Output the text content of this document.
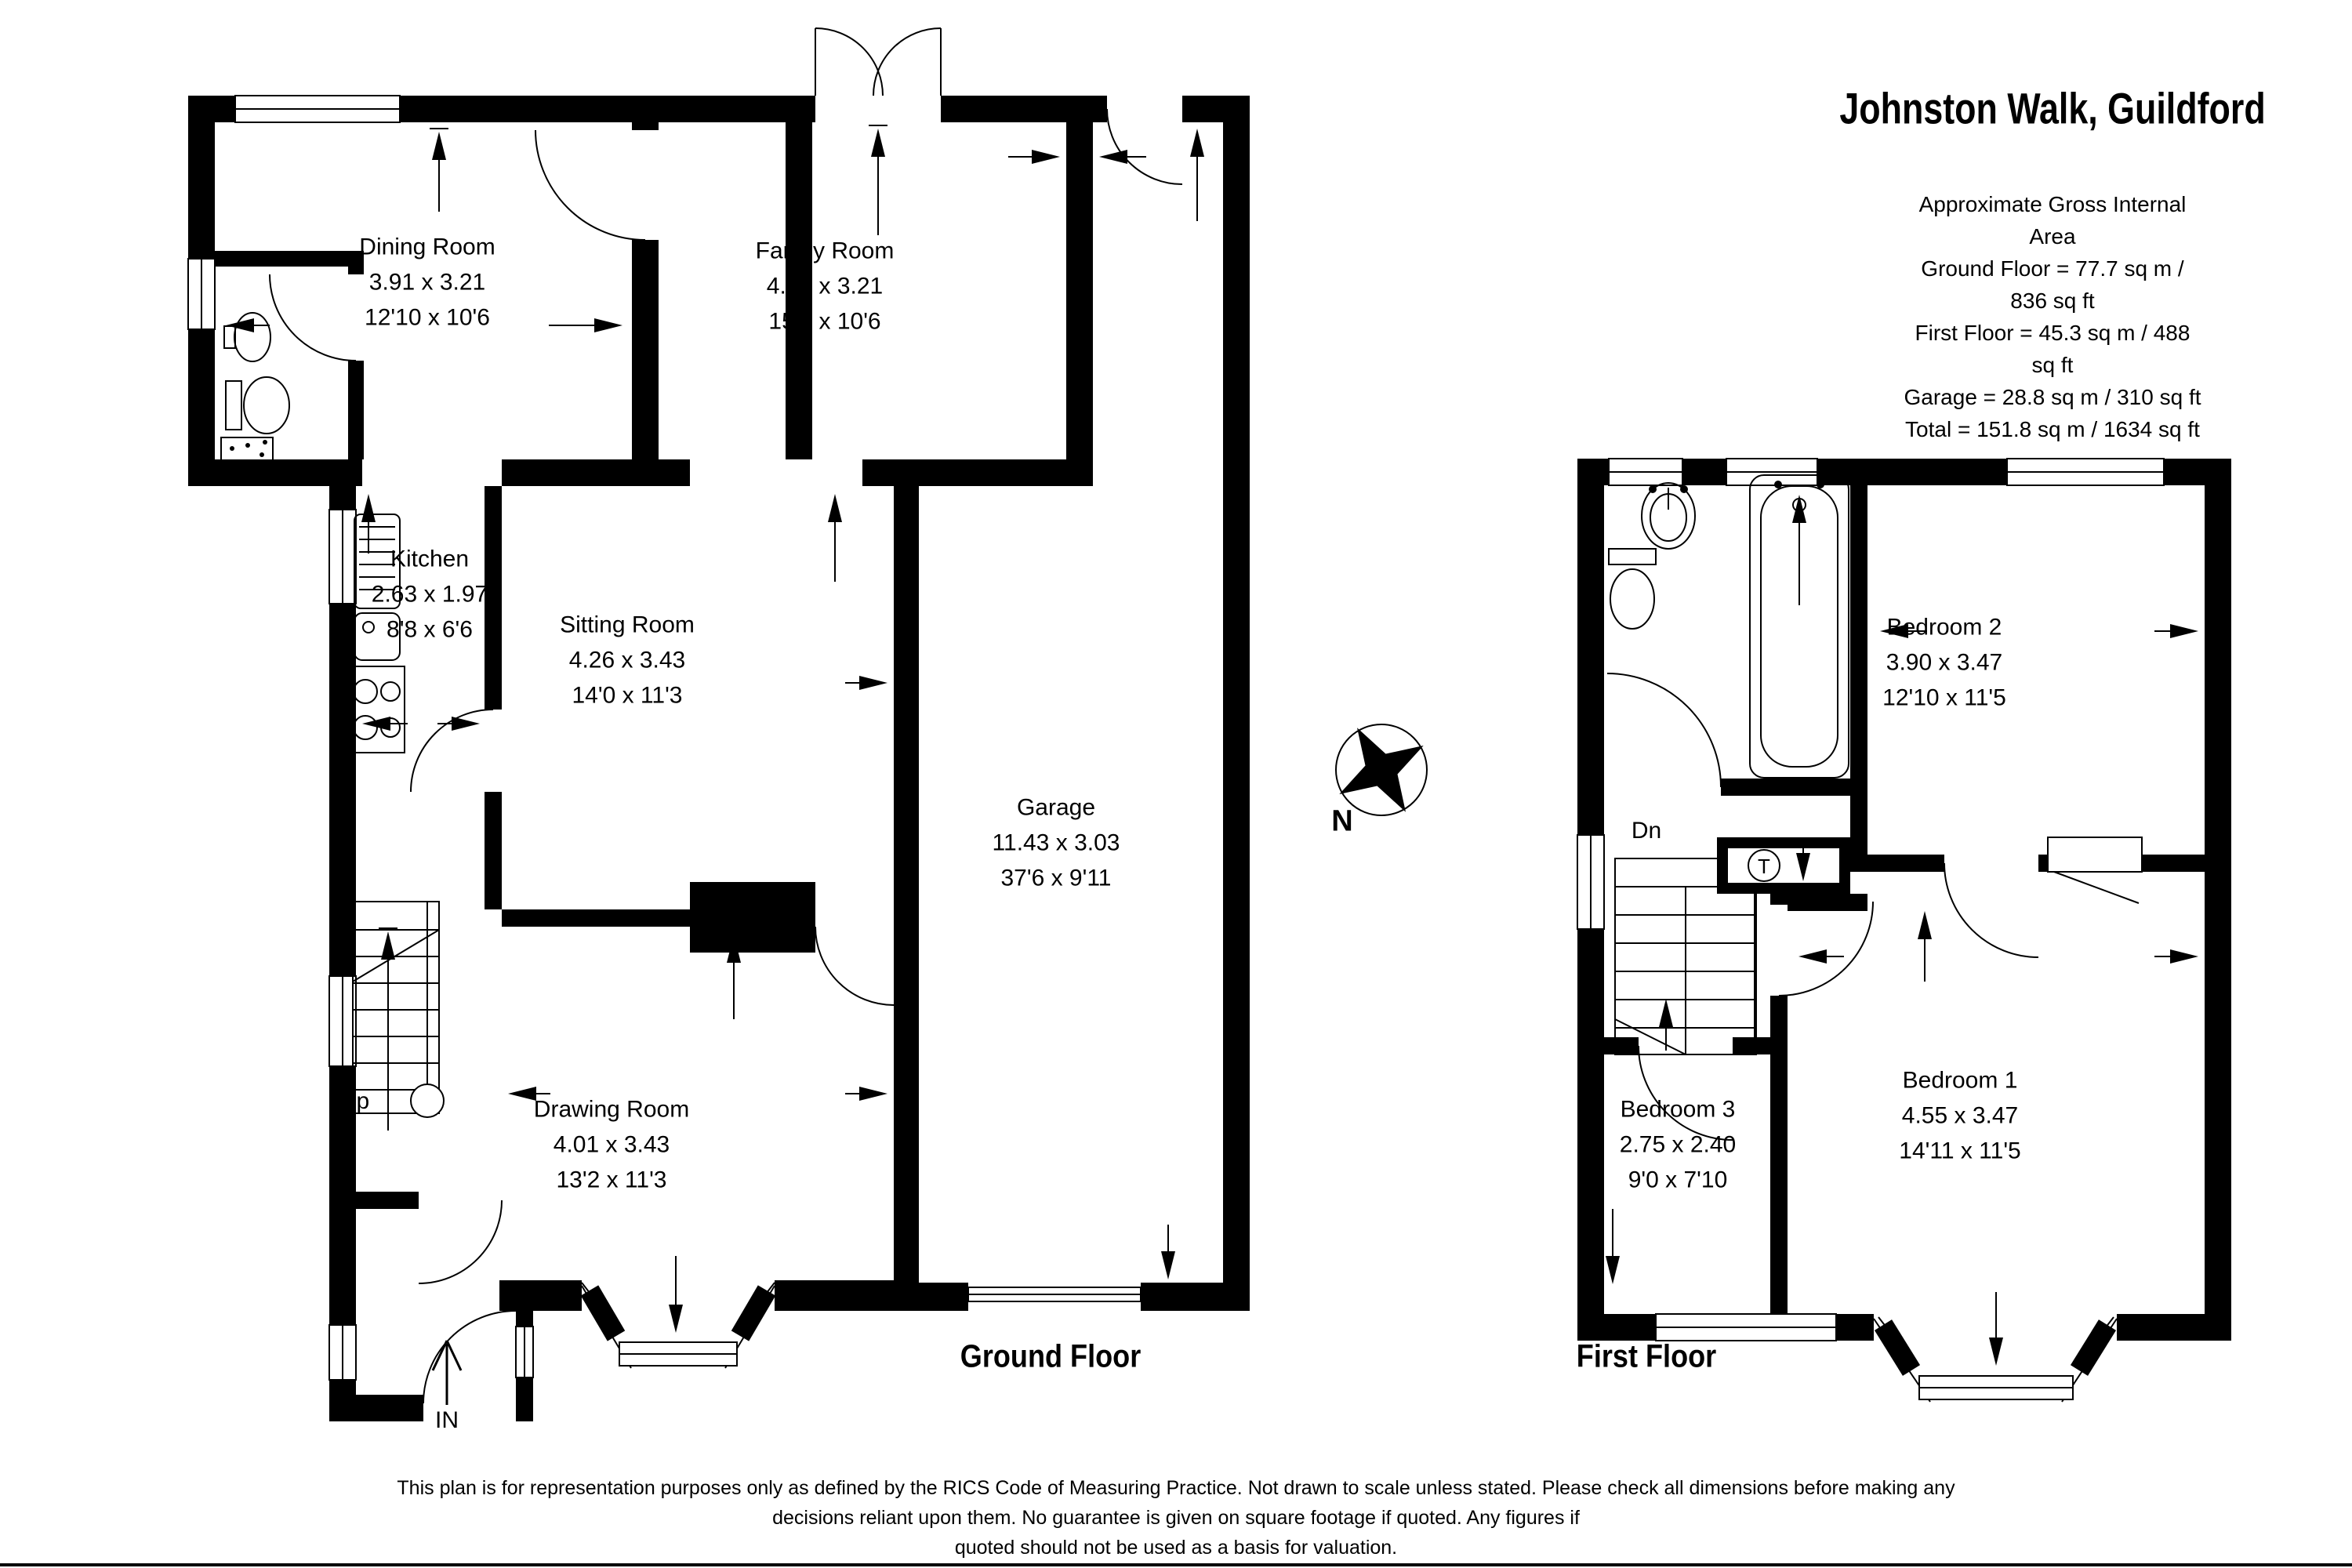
Johnston Walk, Guildford
Approximate Gross Internal Area
Ground Floor = 77.7 sq m / 836 sq ft
First Floor = 45.3 sq m / 488 sq ft
Garage = 28.8 sq m / 310 sq ft
Total = 151.8 sq m / 1634 sq ft
Dining Room
3.91 x 3.21
12'10 x 10'6
Family Room
4.70 x 3.21
15'5 x 10'6
Kitchen
2.63 x 1.97
8'8 x 6'6	Sitting Room
4.26 x 3.43
14'0 x 11'3
Garage
11.43 x 3.03
37'6 x 9'11
Drawing Room
4.01 x 3.43
13'2 x 11'3
Bedroom 2
3.90 x 3.47
12'10 x 11'5
Bedroom 3
2.75 x 2.40
9'0 x 7'10
Bedroom 1
4.55 x 3.47
14'11 x 11'5
Up
IN
Dn
T
N
Ground Floor	First Floor
This plan is for representation purposes only as defined by the RICS Code of Measuring Practice. Not drawn to scale unless stated. Please check all dimensions before making any
decisions reliant upon them. No guarantee is given on square footage if quoted. Any figures if
quoted should not be used as a basis for valuation.
